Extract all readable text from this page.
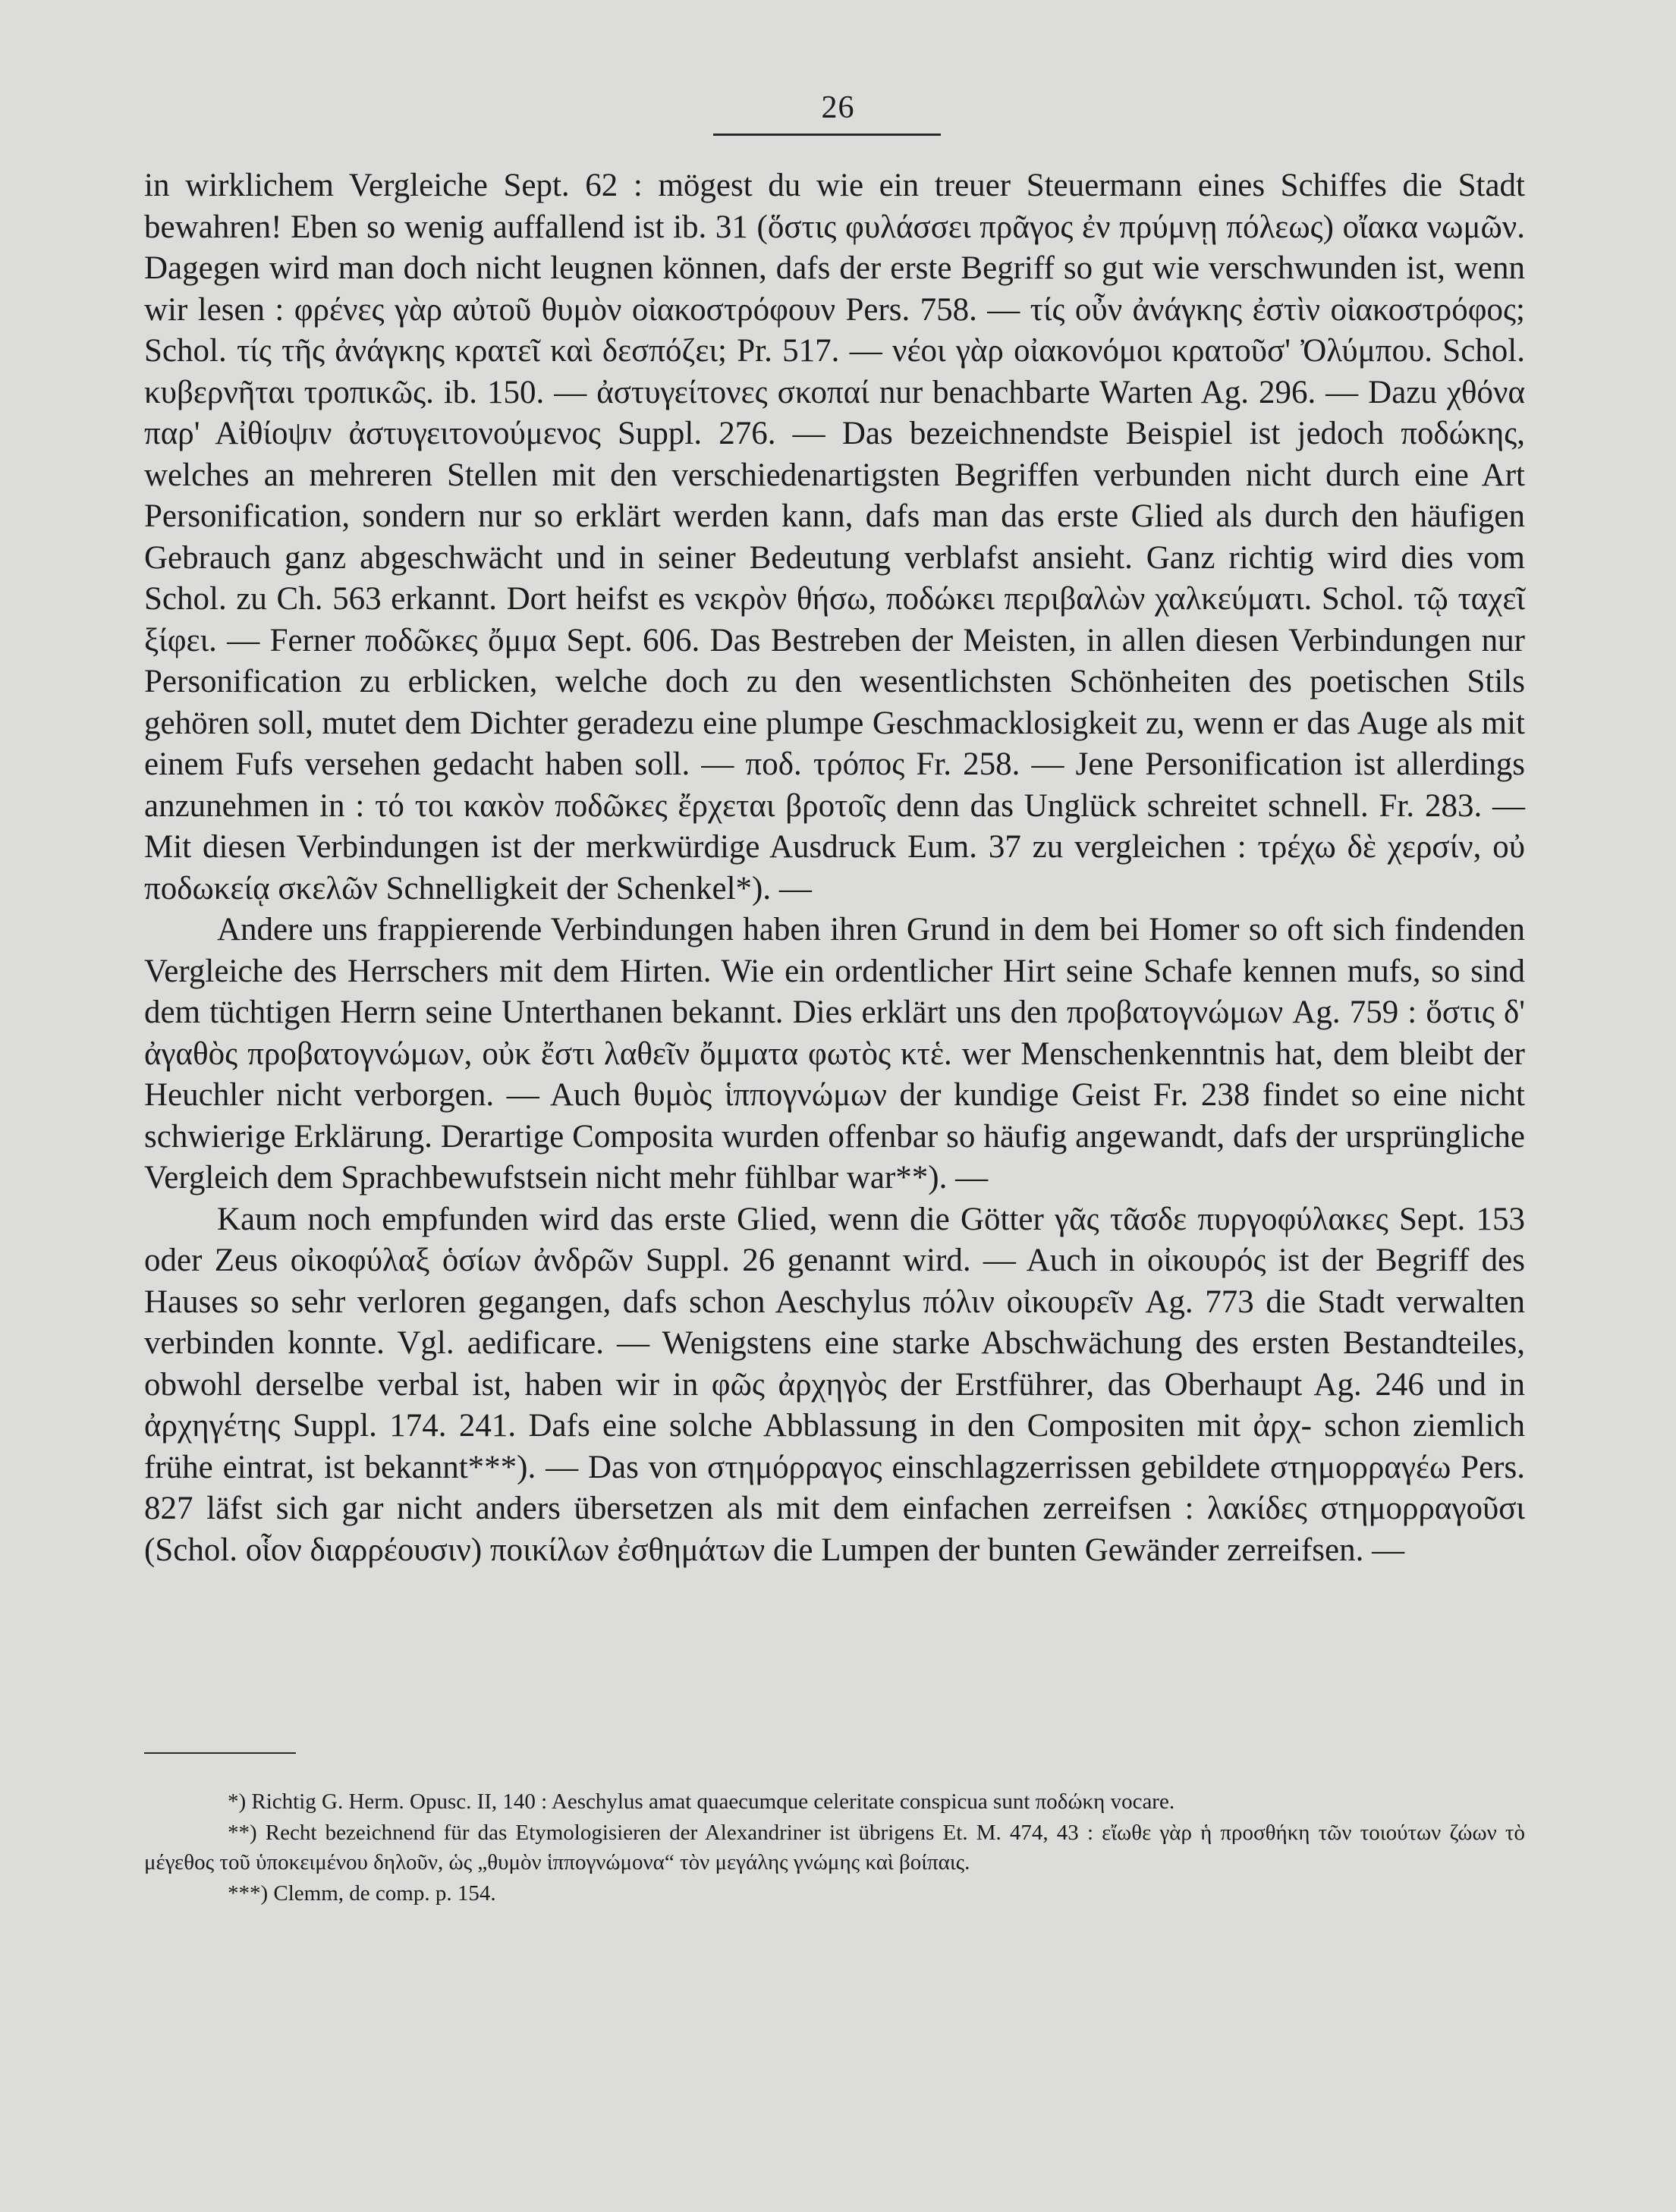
26

in wirklichem Vergleiche Sept. 62 : mögest du wie ein treuer Steuermann eines Schiffes die Stadt bewahren! Eben so wenig auffallend ist ib. 31 (ὅστις φυλάσσει πρᾶγος ἐν πρύμνῃ πόλεως) οἴακα νωμῶν. Dagegen wird man doch nicht leugnen können, dafs der erste Begriff so gut wie verschwunden ist, wenn wir lesen : φρένες γὰρ αὐτοῦ θυμὸν οἰακοστρόφουν Pers. 758. — τίς οὖν ἀνάγκης ἐστὶν οἰακοστρόφος; Schol. τίς τῆς ἀνάγκης κρατεῖ καὶ δεσπόζει; Pr. 517. — νέοι γὰρ οἰακονόμοι κρατοῦσ' Ὀλύμπου. Schol. κυβερνῆται τροπικῶς. ib. 150. — ἀστυγείτονες σκοπαί nur benachbarte Warten Ag. 296. — Dazu χθόνα παρ' Αἰθίοψιν ἀστυγειτονούμενος Suppl. 276. — Das bezeichnendste Beispiel ist jedoch ποδώκης, welches an mehreren Stellen mit den verschiedenartigsten Begriffen verbunden nicht durch eine Art Personification, sondern nur so erklärt werden kann, dafs man das erste Glied als durch den häufigen Gebrauch ganz abgeschwächt und in seiner Bedeutung verblafst ansieht. Ganz richtig wird dies vom Schol. zu Ch. 563 erkannt. Dort heifst es νεκρὸν θήσω, ποδώκει περιβαλὼν χαλκεύματι. Schol. τῷ ταχεῖ ξίφει. — Ferner ποδῶκες ὄμμα Sept. 606. Das Bestreben der Meisten, in allen diesen Verbindungen nur Personification zu erblicken, welche doch zu den wesentlichsten Schönheiten des poetischen Stils gehören soll, mutet dem Dichter geradezu eine plumpe Geschmacklosigkeit zu, wenn er das Auge als mit einem Fufs versehen gedacht haben soll. — ποδ. τρόπος Fr. 258. — Jene Personification ist allerdings anzunehmen in : τό τοι κακὸν ποδῶκες ἔρχεται βροτοῖς denn das Unglück schreitet schnell. Fr. 283. — Mit diesen Verbindungen ist der merkwürdige Ausdruck Eum. 37 zu vergleichen : τρέχω δὲ χερσίν, οὐ ποδωκείᾳ σκελῶν Schnelligkeit der Schenkel*). —

Andere uns frappierende Verbindungen haben ihren Grund in dem bei Homer so oft sich findenden Vergleiche des Herrschers mit dem Hirten. Wie ein ordentlicher Hirt seine Schafe kennen mufs, so sind dem tüchtigen Herrn seine Unterthanen bekannt. Dies erklärt uns den προβατογνώμων Ag. 759 : ὅστις δ' ἀγαθὸς προβατογνώμων, οὐκ ἔστι λαθεῖν ὄμματα φωτὸς κτἑ. wer Menschenkenntnis hat, dem bleibt der Heuchler nicht verborgen. — Auch θυμὸς ἱππογνώμων der kundige Geist Fr. 238 findet so eine nicht schwierige Erklärung. Derartige Composita wurden offenbar so häufig angewandt, dafs der ursprüngliche Vergleich dem Sprachbewufstsein nicht mehr fühlbar war**). —

Kaum noch empfunden wird das erste Glied, wenn die Götter γᾶς τᾶσδε πυργοφύλακες Sept. 153 oder Zeus οἰκοφύλαξ ὁσίων ἀνδρῶν Suppl. 26 genannt wird. — Auch in οἰκουρός ist der Begriff des Hauses so sehr verloren gegangen, dafs schon Aeschylus πόλιν οἰκουρεῖν Ag. 773 die Stadt verwalten verbinden konnte. Vgl. aedificare. — Wenigstens eine starke Abschwächung des ersten Bestandteiles, obwohl derselbe verbal ist, haben wir in φῶς ἀρχηγὸς der Erstführer, das Oberhaupt Ag. 246 und in ἀρχηγέτης Suppl. 174. 241. Dafs eine solche Abblassung in den Compositen mit ἀρχ- schon ziemlich frühe eintrat, ist bekannt***). — Das von στημόρραγος einschlagzerrissen gebildete στημορραγέω Pers. 827 läfst sich gar nicht anders übersetzen als mit dem einfachen zerreifsen : λακίδες στημορραγοῦσι (Schol. οἷον διαρρέουσιν) ποικίλων ἐσθημάτων die Lumpen der bunten Gewänder zerreifsen. —

*) Richtig G. Herm. Opusc. II, 140 : Aeschylus amat quaecumque celeritate conspicua sunt ποδώκη vocare.

**) Recht bezeichnend für das Etymologisieren der Alexandriner ist übrigens Et. M. 474, 43 : εἴωθε γὰρ ἡ προσθήκη τῶν τοιούτων ζώων τὸ μέγεθος τοῦ ὑποκειμένου δηλοῦν, ὡς „θυμὸν ἱππογνώμονα“ τὸν μεγάλης γνώμης καὶ βοίπαις.

***) Clemm, de comp. p. 154.
